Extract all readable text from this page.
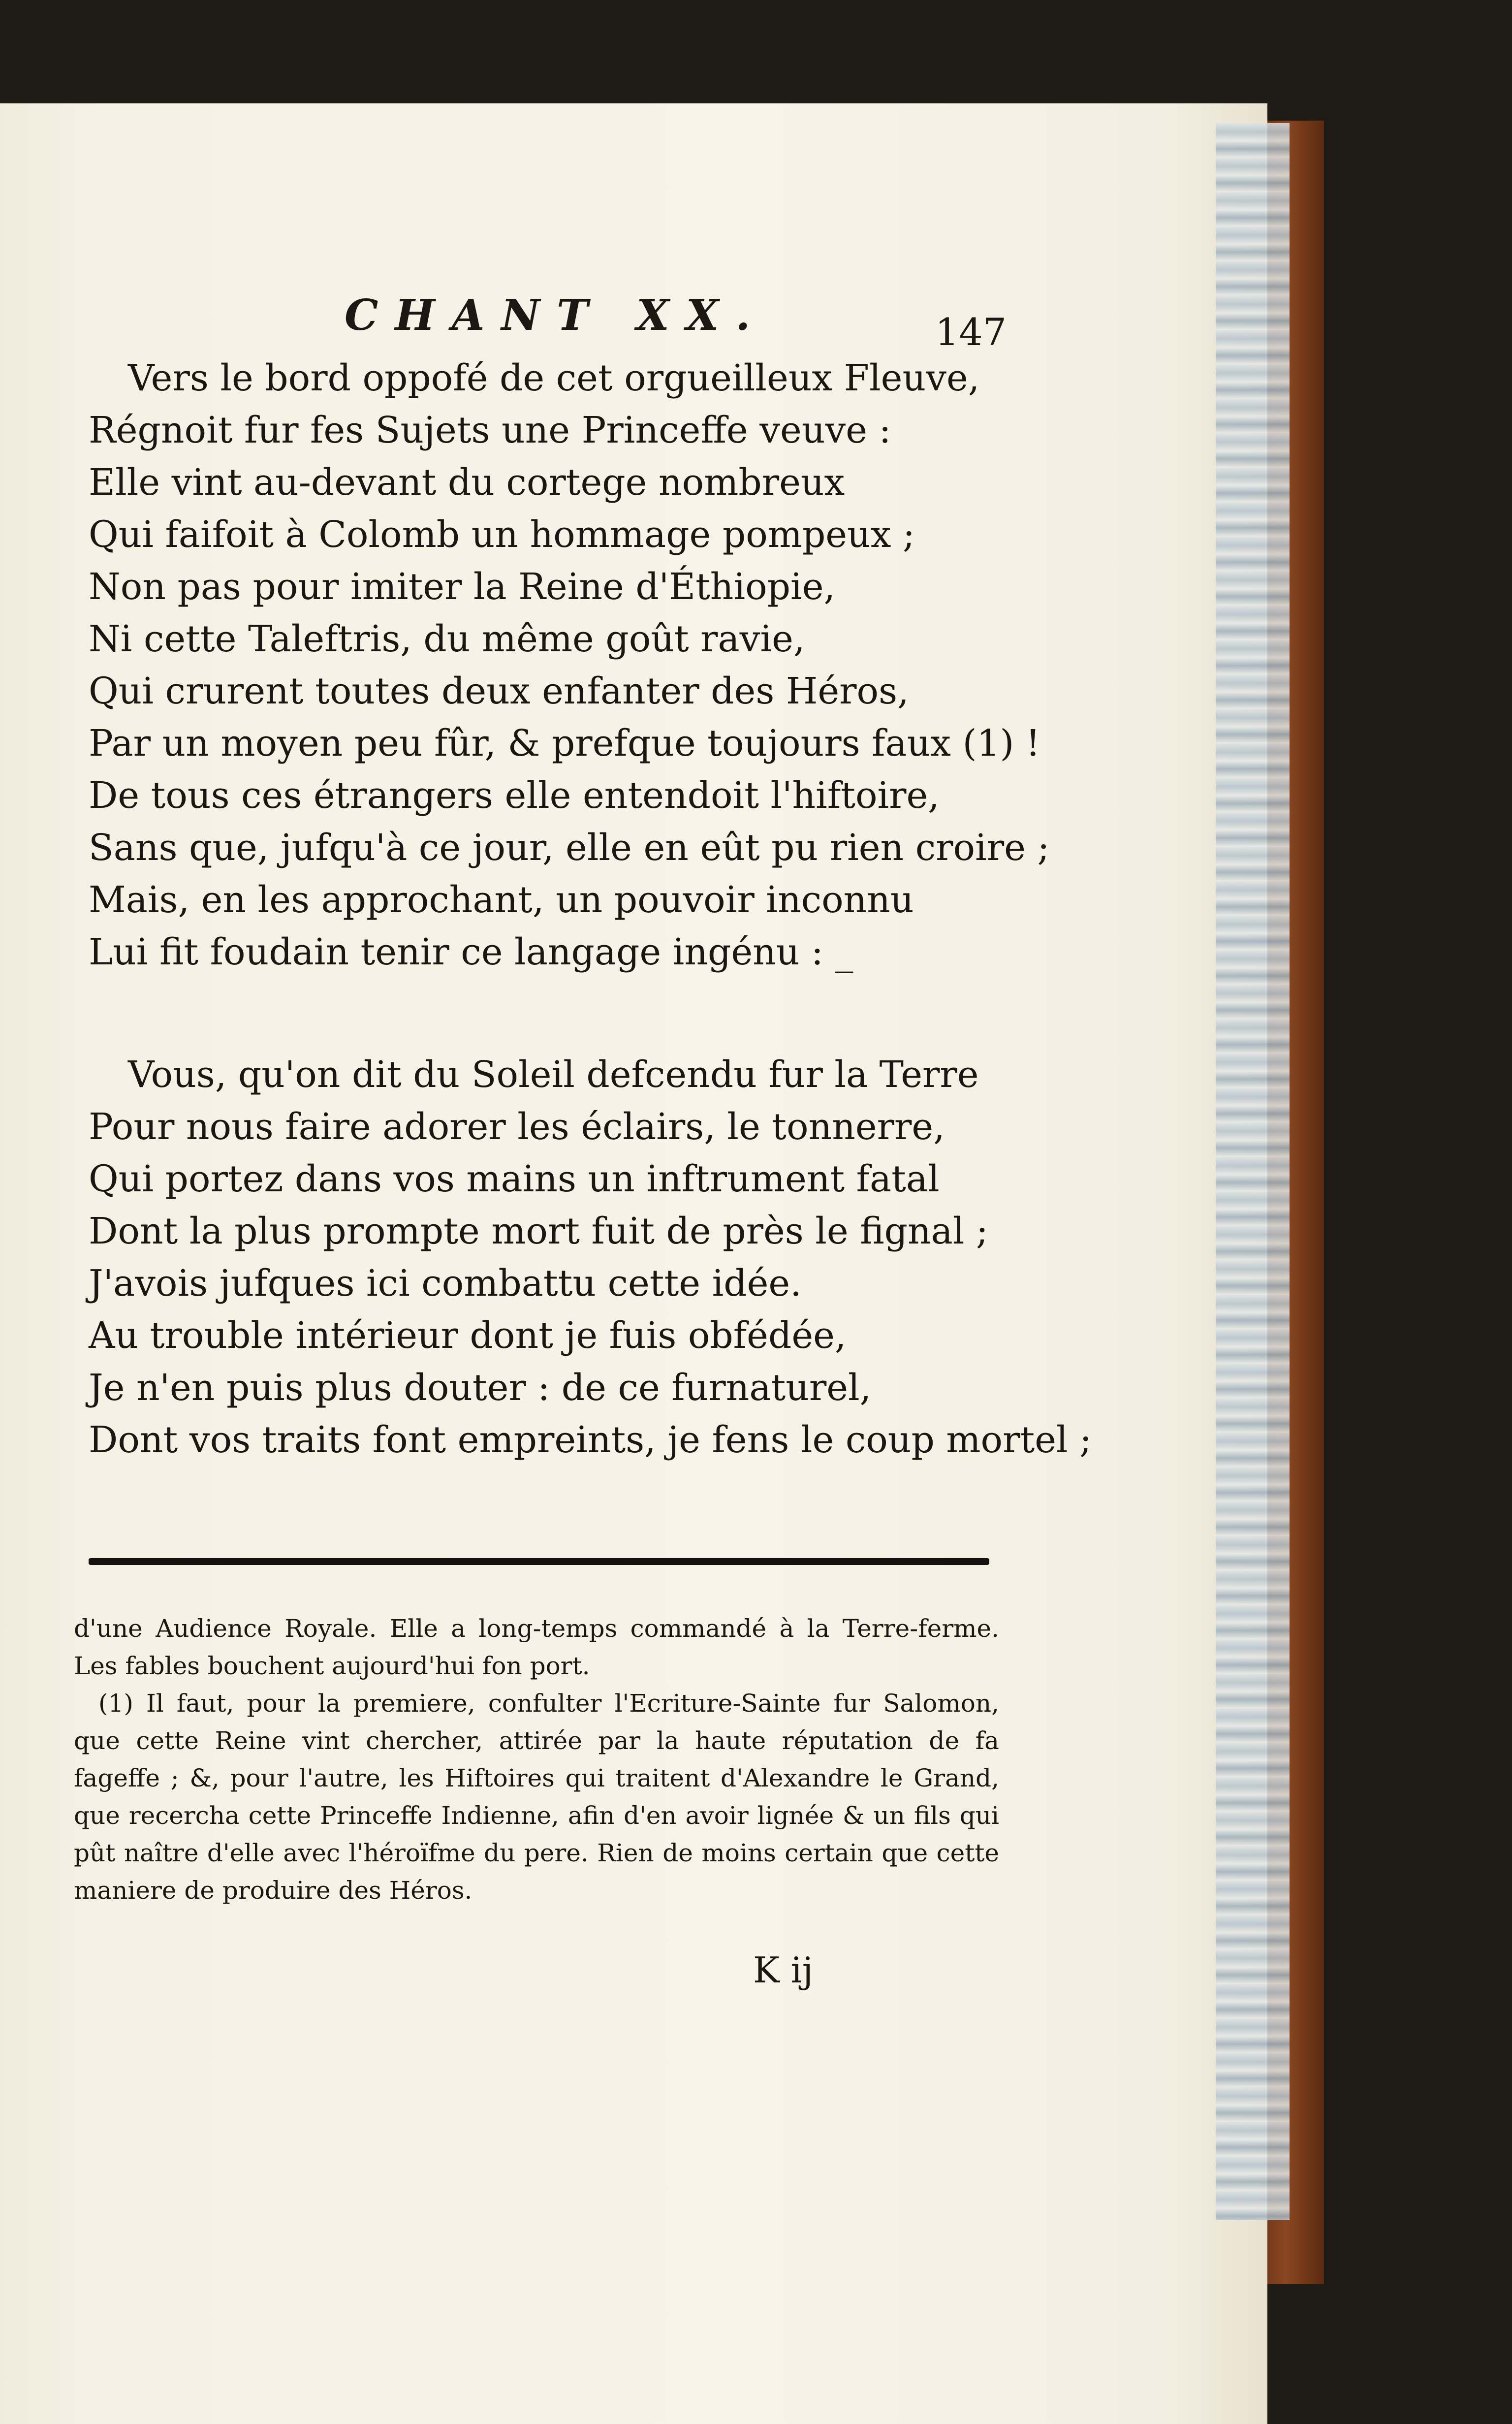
CHANT XX.	147
Vers le bord oppofé de cet orgueilleux Fleuve,
Régnoit fur fes Sujets une Princeffe veuve :
Elle vint au-devant du cortege nombreux
Qui faifoit à Colomb un hommage pompeux ;
Non pas pour imiter la Reine d'Éthiopie,
Ni cette Taleftris, du même goût ravie,
Qui crurent toutes deux enfanter des Héros,
Par un moyen peu fûr, & prefque toujours faux (1) !
De tous ces étrangers elle entendoit l'hiftoire,
Sans que, jufqu'à ce jour, elle en eût pu rien croire ;
Mais, en les approchant, un pouvoir inconnu
Lui fit foudain tenir ce langage ingénu : _
Vous, qu'on dit du Soleil defcendu fur la Terre
Pour nous faire adorer les éclairs, le tonnerre,
Qui portez dans vos mains un inftrument fatal
Dont la plus prompte mort fuit de près le fignal ;
J'avois jufques ici combattu cette idée.
Au trouble intérieur dont je fuis obfédée,
Je n'en puis plus douter : de ce furnaturel,
Dont vos traits font empreints, je fens le coup mortel ;

d'une Audience Royale. Elle a long-temps commandé à la Terre-ferme. Les fables bouchent aujourd'hui fon port.

(1) Il faut, pour la premiere, confulter l'Ecriture-Sainte fur Salomon, que cette Reine vint chercher, attirée par la haute réputation de fa fageffe ; &, pour l'autre, les Hiftoires qui traitent d'Alexandre le Grand, que recercha cette Princeffe Indienne, afin d'en avoir lignée & un fils qui pût naître d'elle avec l'héroïfme du pere. Rien de moins certain que cette maniere de produire des Héros.

K ij
